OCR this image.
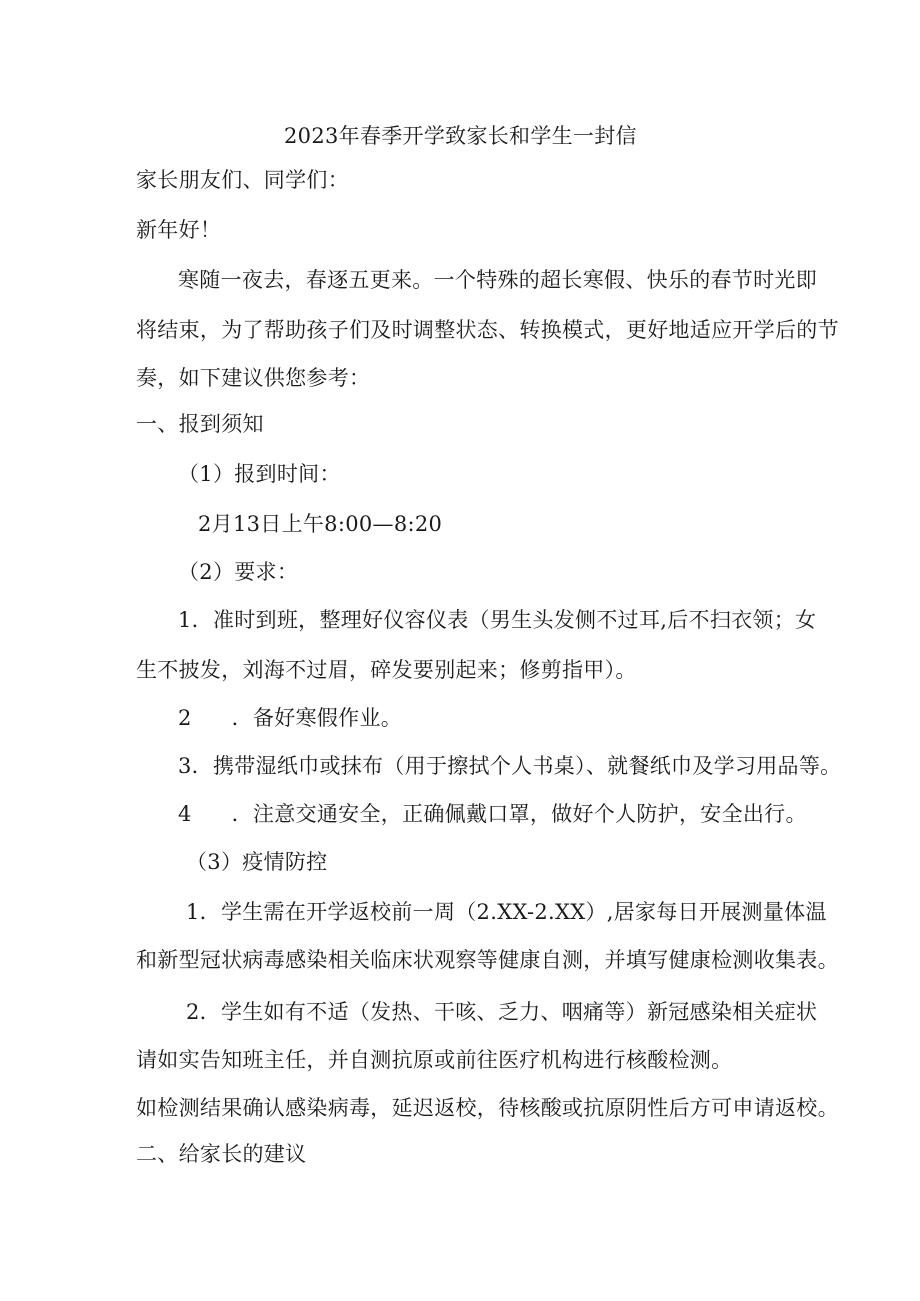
2023年春季开学致家长和学生一封信
家长朋友们、同学们：
新年好！
寒随一夜去，春逐五更来。一个特殊的超长寒假、快乐的春节时光即
将结束，为了帮助孩子们及时调整状态、转换模式，更好地适应开学后的节
奏，如下建议供您参考：
一、报到须知
（1）报到时间：
2月13日上午8:00—8:20
（2）要求：
1．准时到班，整理好仪容仪表（男生头发侧不过耳,后不扫衣领；女
生不披发，刘海不过眉，碎发要别起来；修剪指甲）。
2 ．备好寒假作业。
3．携带湿纸巾或抹布（用于擦拭个人书桌）、就餐纸巾及学习用品等。
4 ．注意交通安全，正确佩戴口罩，做好个人防护，安全出行。
（3）疫情防控
1．学生需在开学返校前一周（2.XX-2.XX）,居家每日开展测量体温
和新型冠状病毒感染相关临床状观察等健康自测，并填写健康检测收集表。
2．学生如有不适（发热、干咳、乏力、咽痛等）新冠感染相关症状
请如实告知班主任，并自测抗原或前往医疗机构进行核酸检测。
如检测结果确认感染病毒，延迟返校，待核酸或抗原阴性后方可申请返校。
二、给家长的建议
